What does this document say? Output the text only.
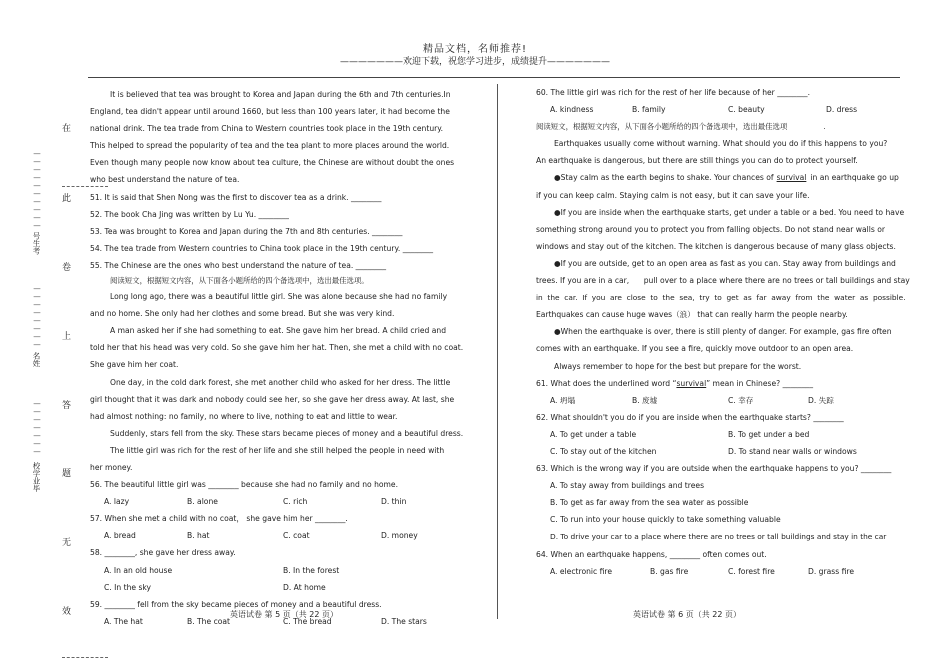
精品文档，名师推荐!
———————欢迎下载，祝您学习进步，成绩提升———————
在
此
卷
上
答
题
无
效
—
—
—
—
—
—
—
—
—
—
号生考
—
—
—
—
—
—
—
—
名姓
—
—
—
—
—
—
—
校学业毕
It is believed that tea was brought to Korea and Japan during the 6th and 7th centuries.In
England, tea didn't appear until around 1660, but less than 100 years later, it had become the
national drink. The tea trade from China to Western countries took place in the 19th century.
This helped to spread the popularity of tea and the tea plant to more places around the world.
Even though many people now know about tea culture, the Chinese are without doubt the ones
who best understand the nature of tea.
51. It is said that Shen Nong was the first to discover tea as a drink. ________
52. The book Cha Jing was written by Lu Yu. ________
53. Tea was brought to Korea and Japan during the 7th and 8th centuries. ________
54. The tea trade from Western countries to China took place in the 19th century. ________
55. The Chinese are the ones who best understand the nature of tea. ________
阅读短文，根据短文内容，从下面各小题所给的四个备选项中，选出最佳选项。
Long long ago, there was a beautiful little girl. She was alone because she had no family
and no home. She only had her clothes and some bread. But she was very kind.
A man asked her if she had something to eat. She gave him her bread. A child cried and
told her that his head was very cold. So she gave him her hat. Then, she met a child with no coat.
She gave him her coat.
One day, in the cold dark forest, she met another child who asked for her dress. The little
girl thought that it was dark and nobody could see her, so she gave her dress away. At last, she
had almost nothing: no family, no where to live, nothing to eat and little to wear.
Suddenly, stars fell from the sky. These stars became pieces of money and a beautiful dress.
The little girl was rich for the rest of her life and she still helped the people in need with
her money.
56. The beautiful little girl was ________ because she had no family and no home.
A. lazy	B. alone	C. rich	D. thin
57. When she met a child with no coat， she gave him her ________.
A. bread	B. hat	C. coat	D. money
58. ________, she gave her dress away.
A. In an old house	B. In the forest
C. In the sky	D. At home
59. ________ fell from the sky became pieces of money and a beautiful dress.
A. The hat	B. The coat	C. The bread	D. The stars
英语试卷 第 5 页（共 22 页）
60. The little girl was rich for the rest of her life because of her ________.
A. kindness	B. family	C. beauty	D. dress
阅读短文，根据短文内容，从下面各小题所给的四个备选项中，选出最佳选项	.
Earthquakes usually come without warning. What should you do if this happens to you?
An earthquake is dangerous, but there are still things you can do to protect yourself.
●Stay calm as the earth begins to shake. Your chances of survival in an earthquake go up
if you can keep calm. Staying calm is not easy, but it can save your life.
●If you are inside when the earthquake starts, get under a table or a bed. You need to have
something strong around you to protect you from falling objects. Do not stand near walls or
windows and stay out of the kitchen. The kitchen is dangerous because of many glass objects.
●If you are outside, get to an open area as fast as you can. Stay away from buildings and
trees. If you are in a car,      pull over to a place where there are no trees or tall buildings and stay
in  the  car.  If  you  are  close  to  the  sea,  try  to  get  as  far  away  from  the  water  as  possible.
Earthquakes can cause huge waves（浪） that can really harm the people nearby.
●When the earthquake is over, there is still plenty of danger. For example, gas fire often
comes with an earthquake. If you see a fire, quickly move outdoor to an open area.
Always remember to hope for the best but prepare for the worst.
61. What does the underlined word “survival” mean in Chinese? ________
A. 坍塌	B. 废墟	C. 幸存	D. 失踪
62. What shouldn't you do if you are inside when the earthquake starts? ________
A. To get under a table	B. To get under a bed
C. To stay out of the kitchen	D. To stand near walls or windows
63. Which is the wrong way if you are outside when the earthquake happens to you? ________
A. To stay away from buildings and trees
B. To get as far away from the sea water as possible
C. To run into your house quickly to take something valuable
D. To drive your car to a place where there are no trees or tall buildings and stay in the car
64. When an earthquake happens, ________ often comes out.
A. electronic fire	B. gas fire	C. forest fire	D. grass fire
英语试卷 第 6 页（共 22 页）
